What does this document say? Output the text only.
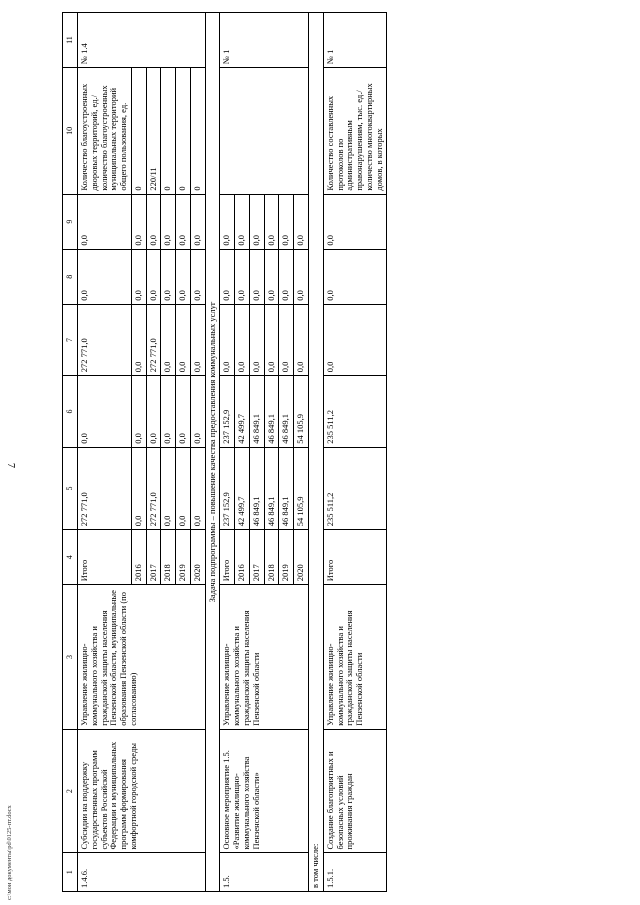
7
c:\мои документы\pd\0125-пт.docx	1	2	3	4	5	6	7	8	9	10	11
1.4.6.	Субсидии на поддержку государственных программ субъектов Российской Федерации и муниципальных программ формирования комфортной городской среды	Управление жилищно-коммунального хозяйства и гражданской защиты населения Пензенской области, муниципальные образования Пензенской области (по согласованию)	Итого	272 771,0	0,0	272 771,0	0,0	0,0	Количество благоустроенных дворовых территорий, ед./ количество благоустроенных муниципальных территорий общего пользования, ед.	№ 1.4
			2016	0,0	0,0	0,0	0,0	0,0	0	
			2017	272 771,0	0,0	272 771,0	0,0	0,0	220/11	
			2018	0,0	0,0	0,0	0,0	0,0	0	
			2019	0,0	0,0	0,0	0,0	0,0	0	
			2020	0,0	0,0	0,0	0,0	0,0	0	
Задача подпрограммы – повышение качества предоставления коммунальных услуг										
1.5.	Основное мероприятие 1.5. «Развитие жилищно-коммунального хозяйства Пензенской области»	Управление жилищно-коммунального хозяйства и гражданской защиты населения Пензенской области	Итого	237 152,9	237 152,9	0,0	0,0	0,0		№ 1
			2016	42 499,7	42 499,7	0,0	0,0	0,0		
			2017	46 849,1	46 849,1	0,0	0,0	0,0		
			2018	46 849,1	46 849,1	0,0	0,0	0,0		
			2019	46 849,1	46 849,1	0,0	0,0	0,0		
			2020	54 105,9	54 105,9	0,0	0,0	0,0		
в том числе:										
1.5.1.	Создание благоприятных и безопасных условий проживания граждан	Управление жилищно-коммунального хозяйства и гражданской защиты населения Пензенской области	Итого	235 511,2	235 511,2	0,0	0,0	0,0	Количество составленных протоколов по административным правонарушениям, тыс. ед./ количество многоквартирных домов, в которых	№ 1
